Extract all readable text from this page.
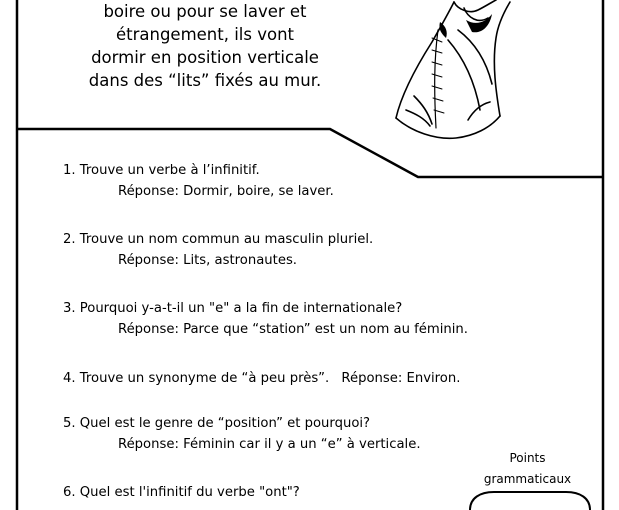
boire ou pour se laver et
étrangement, ils vont
dormir en position verticale
dans des “lits” fixés au mur.
1. Trouve un verbe à l’infinitif.
Réponse: Dormir, boire, se laver.
2. Trouve un nom commun au masculin pluriel.
Réponse: Lits, astronautes.
3. Pourquoi y-a-t-il un "e" a la fin de internationale?
Réponse: Parce que “station” est un nom au féminin.
4. Trouve un synonyme de “à peu près”. Réponse: Environ.
5. Quel est le genre de “position” et pourquoi?
Réponse: Féminin car il y a un “e” à verticale.
6. Quel est l'infinitif du verbe "ont"?
Points
grammaticaux
